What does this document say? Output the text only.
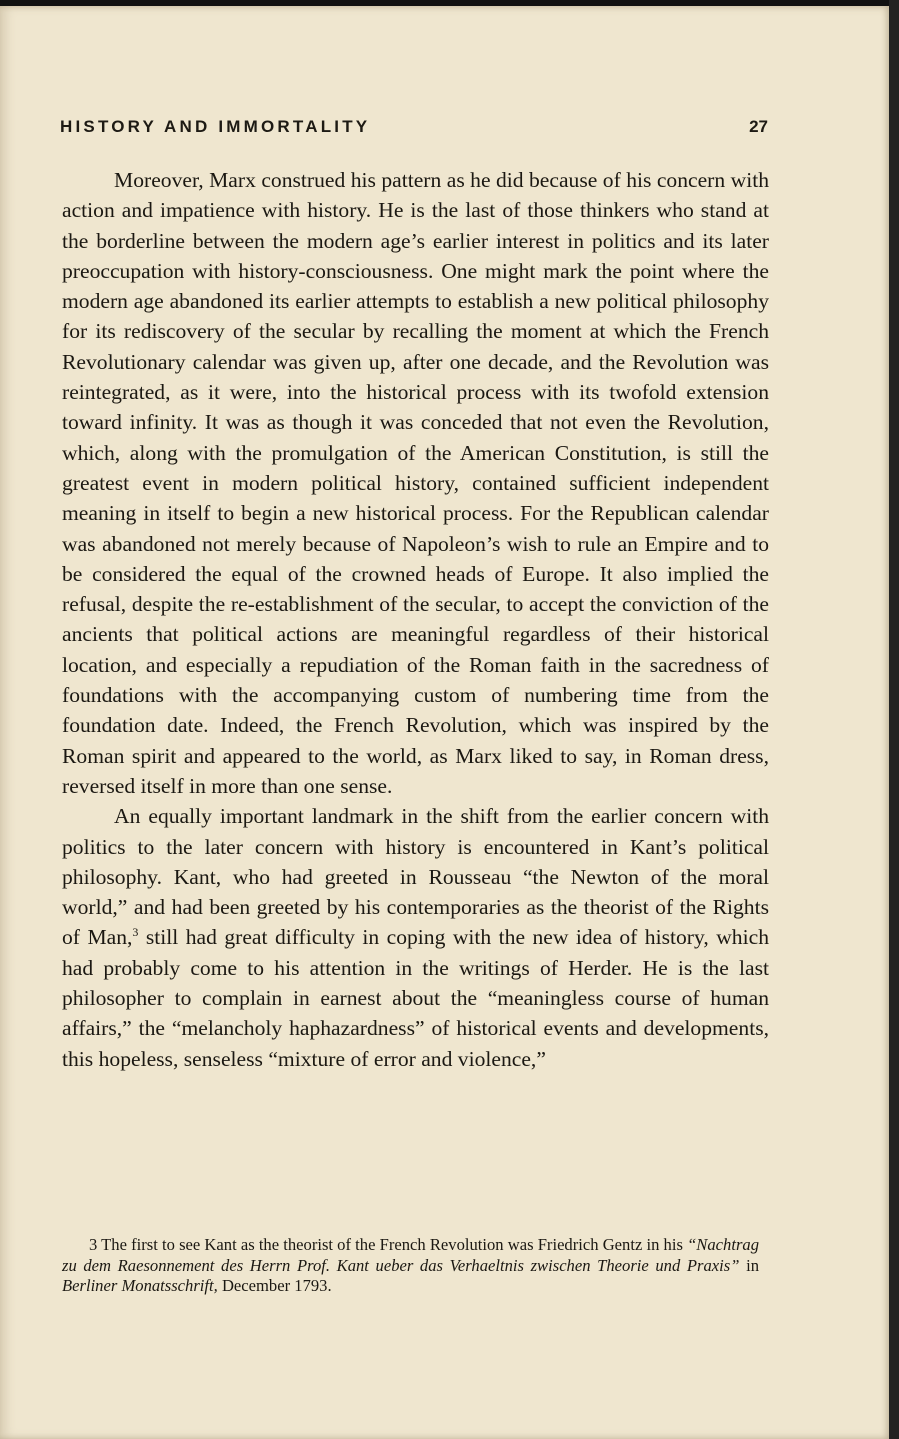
HISTORY AND IMMORTALITY	27

Moreover, Marx construed his pattern as he did because of his concern with action and impatience with history. He is the last of those thinkers who stand at the borderline between the modern age’s earlier interest in politics and its later preoccupation with history-consciousness. One might mark the point where the modern age abandoned its earlier attempts to establish a new political philosophy for its rediscovery of the secular by recalling the moment at which the French Revolutionary calendar was given up, after one decade, and the Revolution was reintegrated, as it were, into the historical process with its twofold extension toward infinity. It was as though it was conceded that not even the Revolution, which, along with the promulgation of the American Constitution, is still the greatest event in modern political history, contained sufficient independent meaning in itself to begin a new historical process. For the Republican calendar was abandoned not merely because of Napoleon’s wish to rule an Empire and to be considered the equal of the crowned heads of Europe. It also implied the refusal, despite the re-establishment of the secular, to accept the conviction of the ancients that political actions are meaningful regardless of their historical location, and especially a repudiation of the Roman faith in the sacredness of foundations with the accompanying custom of numbering time from the foundation date. Indeed, the French Revolution, which was inspired by the Roman spirit and appeared to the world, as Marx liked to say, in Roman dress, reversed itself in more than one sense.

An equally important landmark in the shift from the earlier concern with politics to the later concern with history is encountered in Kant’s political philosophy. Kant, who had greeted in Rousseau “the Newton of the moral world,” and had been greeted by his contemporaries as the theorist of the Rights of Man,$^3$ still had great difficulty in coping with the new idea of history, which had probably come to his attention in the writings of Herder. He is the last philosopher to complain in earnest about the “meaningless course of human affairs,” the “melancholy haphazardness” of historical events and developments, this hopeless, senseless “mixture of error and violence,”

3 The first to see Kant as the theorist of the French Revolution was Friedrich Gentz in his “Nachtrag zu dem Raesonnement des Herrn Prof. Kant ueber das Verhaeltnis zwischen Theorie und Praxis” in Berliner Monatsschrift, December 1793.
